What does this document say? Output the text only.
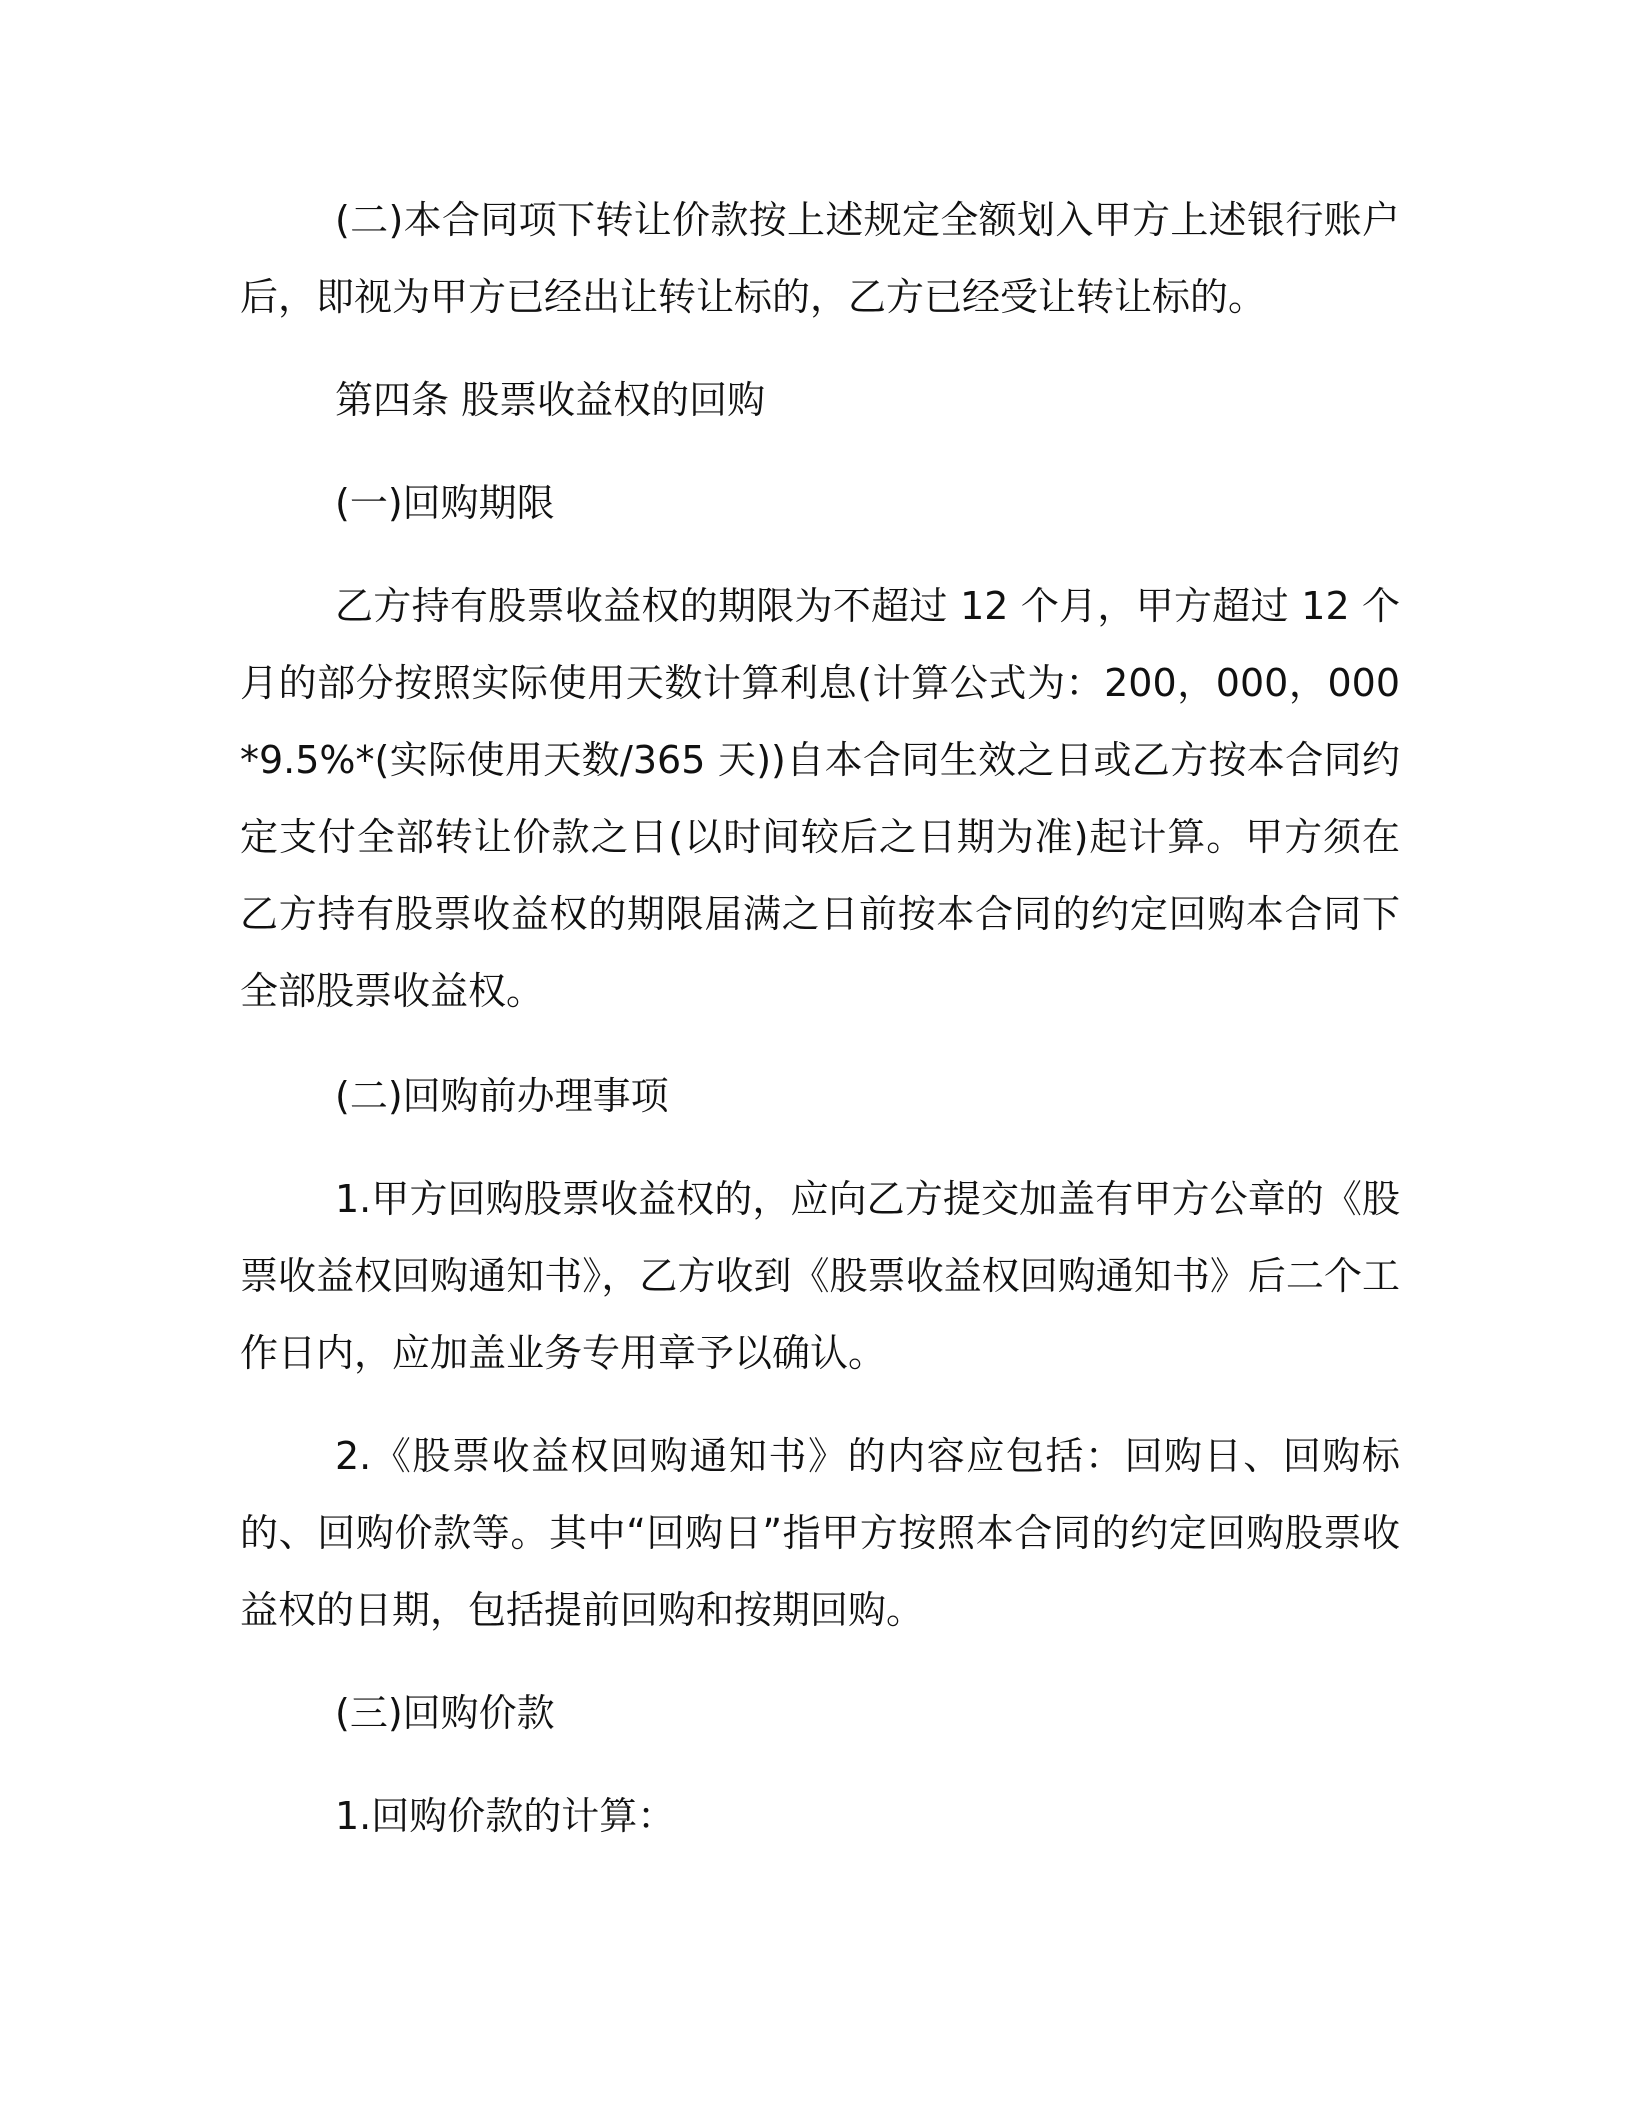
(二)本合同项下转让价款按上述规定全额划入甲方上述银行账户后，即视为甲方已经出让转让标的，乙方已经受让转让标的。

第四条 股票收益权的回购

(一)回购期限

乙方持有股票收益权的期限为不超过 12 个月，甲方超过 12 个月的部分按照实际使用天数计算利息(计算公式为：200，000，000*9.5%*(实际使用天数/365 天))自本合同生效之日或乙方按本合同约定支付全部转让价款之日(以时间较后之日期为准)起计算。甲方须在乙方持有股票收益权的期限届满之日前按本合同的约定回购本合同下全部股票收益权。

(二)回购前办理事项

1.甲方回购股票收益权的，应向乙方提交加盖有甲方公章的《股票收益权回购通知书》，乙方收到《股票收益权回购通知书》后二个工作日内，应加盖业务专用章予以确认。

2.《股票收益权回购通知书》的内容应包括：回购日、回购标的、回购价款等。其中“回购日”指甲方按照本合同的约定回购股票收益权的日期，包括提前回购和按期回购。

(三)回购价款

1.回购价款的计算：
